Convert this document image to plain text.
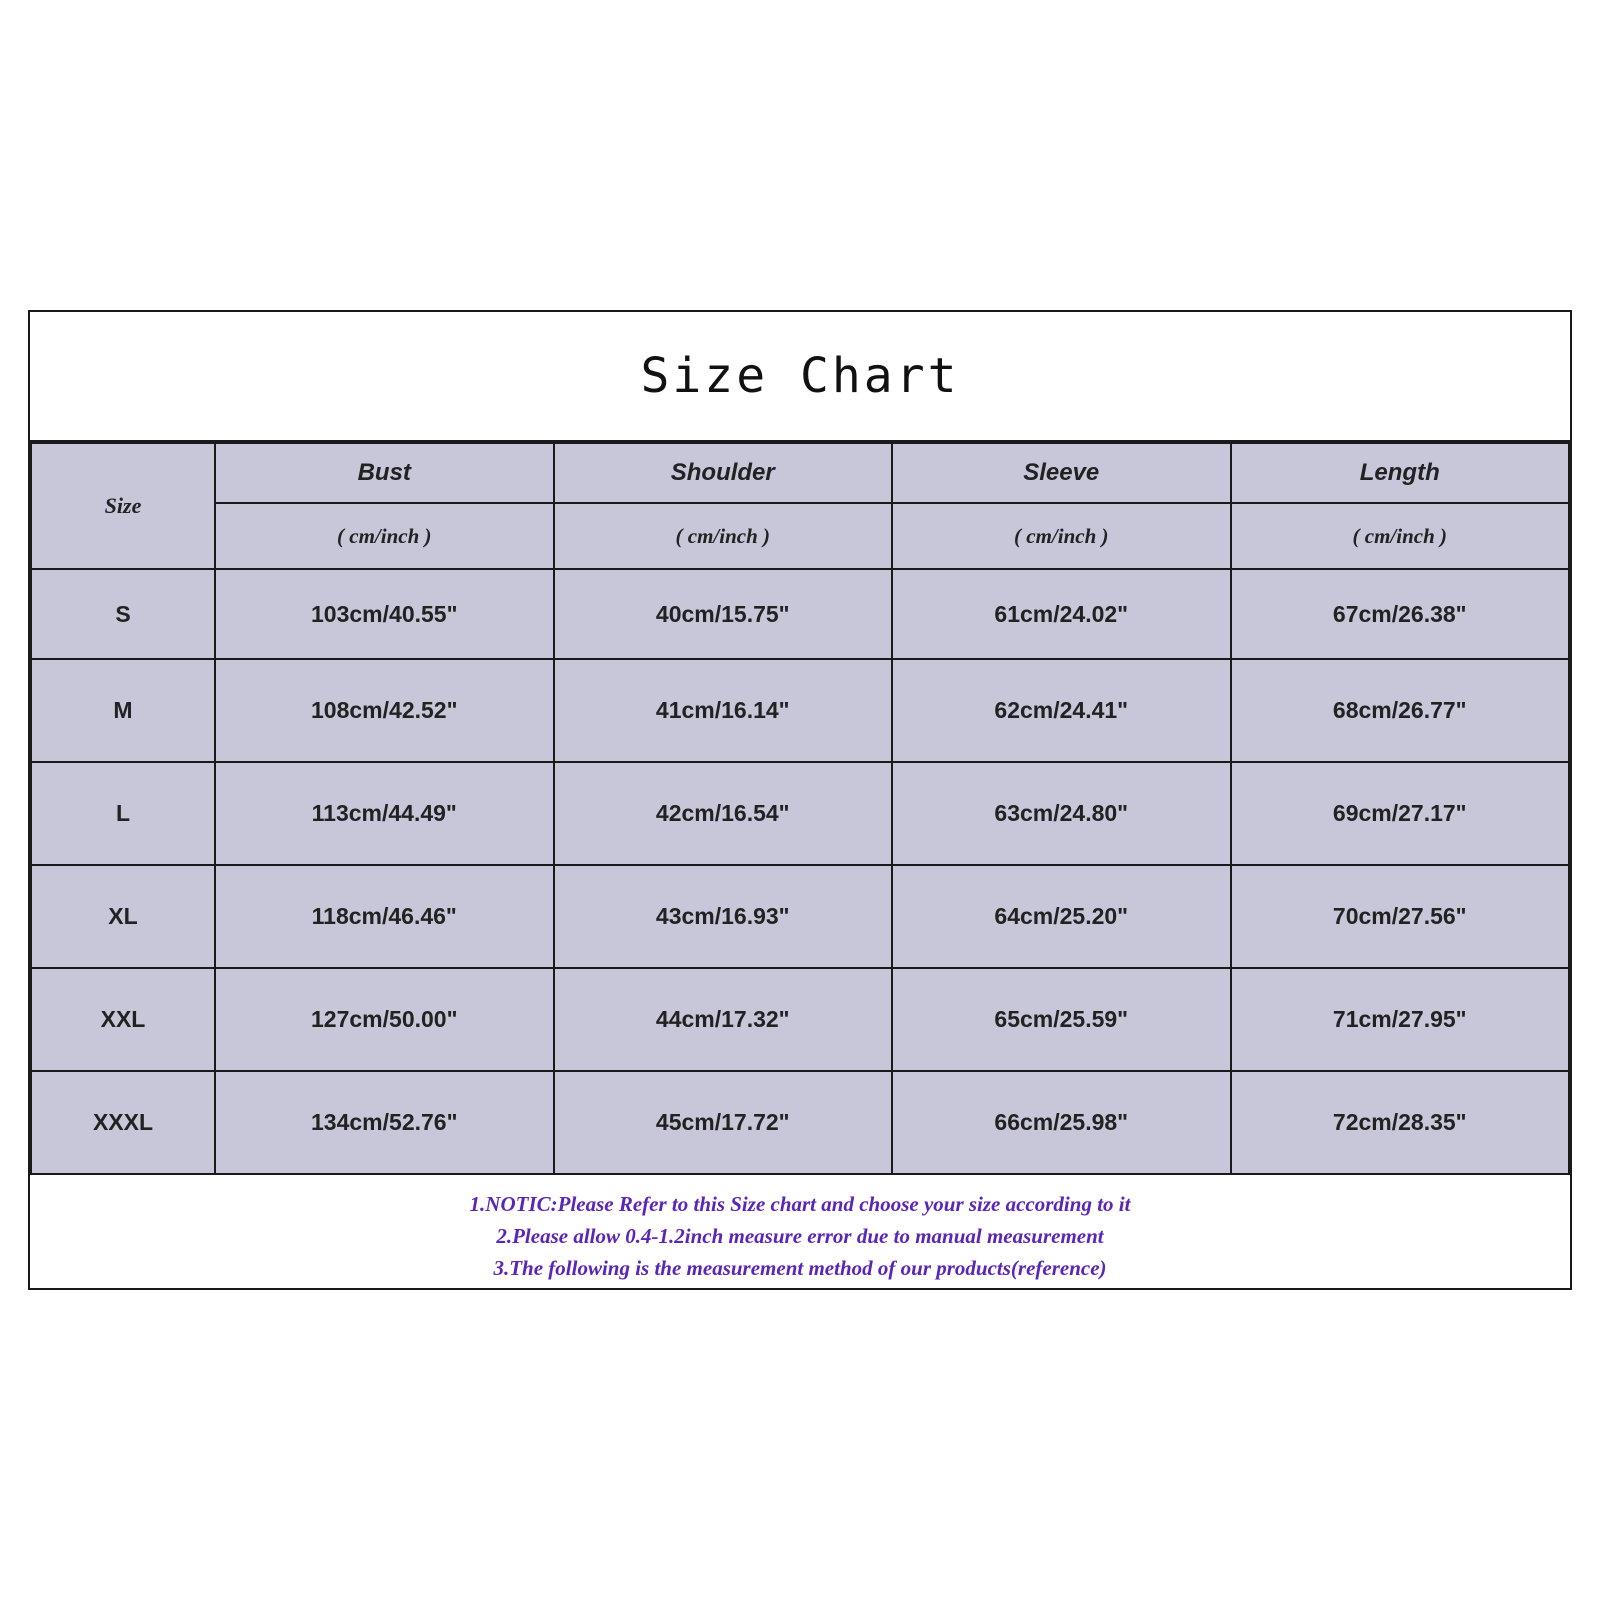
Size Chart
Size	Bust	Shoulder	Sleeve	Length
	( cm/inch )	( cm/inch )	( cm/inch )	( cm/inch )
S	103cm/40.55"	40cm/15.75"	61cm/24.02"	67cm/26.38"
M	108cm/42.52"	41cm/16.14"	62cm/24.41"	68cm/26.77"
L	113cm/44.49"	42cm/16.54"	63cm/24.80"	69cm/27.17"
XL	118cm/46.46"	43cm/16.93"	64cm/25.20"	70cm/27.56"
XXL	127cm/50.00"	44cm/17.32"	65cm/25.59"	71cm/27.95"
XXXL	134cm/52.76"	45cm/17.72"	66cm/25.98"	72cm/28.35"
1.NOTIC:Please Refer to this Size chart and choose your size according to it
2.Please allow 0.4-1.2inch measure error due to manual measurement
3.The following is the measurement method of our products(reference)
